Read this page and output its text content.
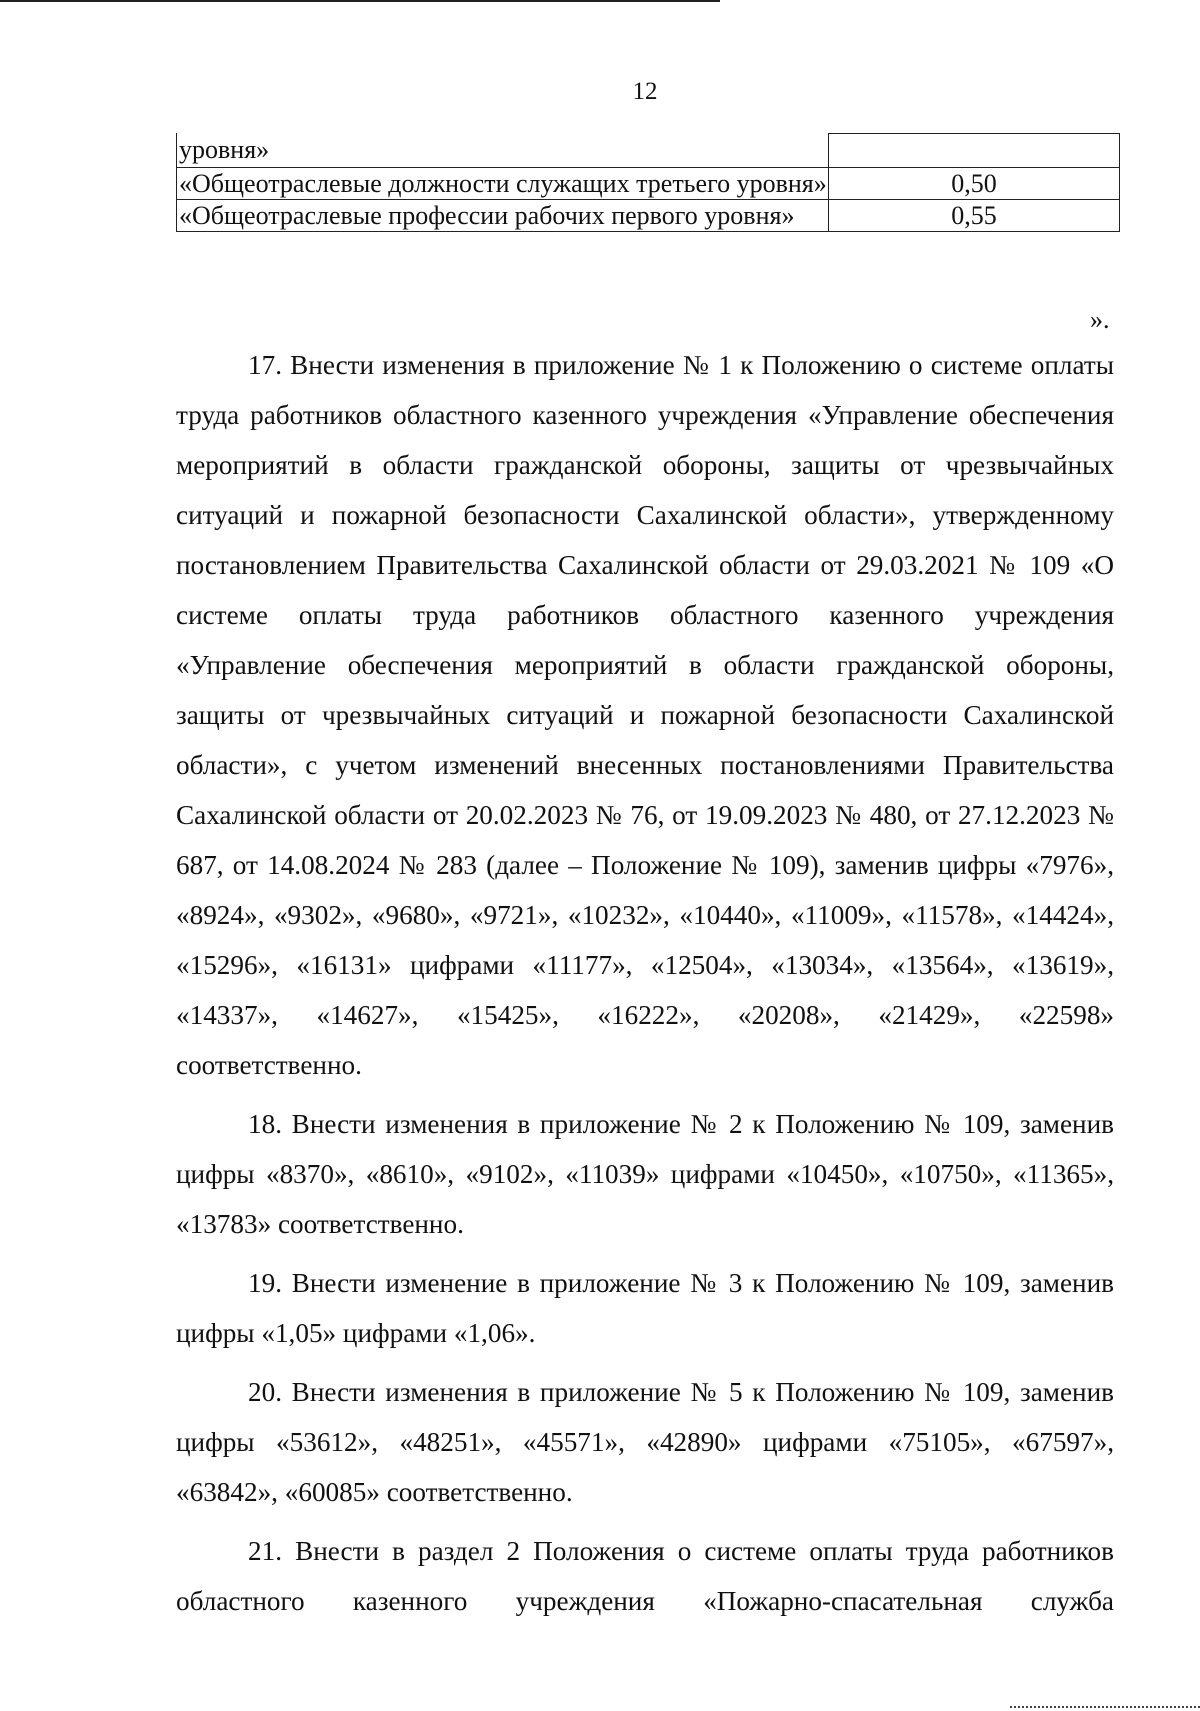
12
уровня»	
«Общеотраслевые должности служащих третьего уровня»	0,50
«Общеотраслевые профессии рабочих первого уровня»	0,55
».

17. Внести изменения в приложение № 1 к Положению о системе оплаты труда работников областного казенного учреждения «Управление обеспечения мероприятий в области гражданской обороны, защиты от чрезвычайных ситуаций и пожарной безопасности Сахалинской области», утвержденному постановлением Правительства Сахалинской области от 29.03.2021 № 109 «О системе оплаты труда работников областного казенного учреждения «Управление обеспечения мероприятий в области гражданской обороны, защиты от чрезвычайных ситуаций и пожарной безопасности Сахалинской области», с учетом изменений внесенных постановлениями Правительства Сахалинской области от 20.02.2023 № 76, от 19.09.2023 № 480, от 27.12.2023 № 687, от 14.08.2024 № 283 (далее – Положение № 109), заменив цифры «7976», «8924», «9302», «9680», «9721», «10232», «10440», «11009», «11578», «14424», «15296», «16131» цифрами «11177», «12504», «13034», «13564», «13619», «14337», «14627», «15425», «16222», «20208», «21429», «22598» соответственно.

18. Внести изменения в приложение № 2 к Положению № 109, заменив цифры «8370», «8610», «9102», «11039» цифрами «10450», «10750», «11365», «13783» соответственно.

19. Внести изменение в приложение № 3 к Положению № 109, заменив цифры «1,05» цифрами «1,06».

20. Внести изменения в приложение № 5 к Положению № 109, заменив цифры «53612», «48251», «45571», «42890» цифрами «75105», «67597», «63842», «60085» соответственно.

21. Внести в раздел 2 Положения о системе оплаты труда работников областного казенного учреждения «Пожарно-спасательная служба
